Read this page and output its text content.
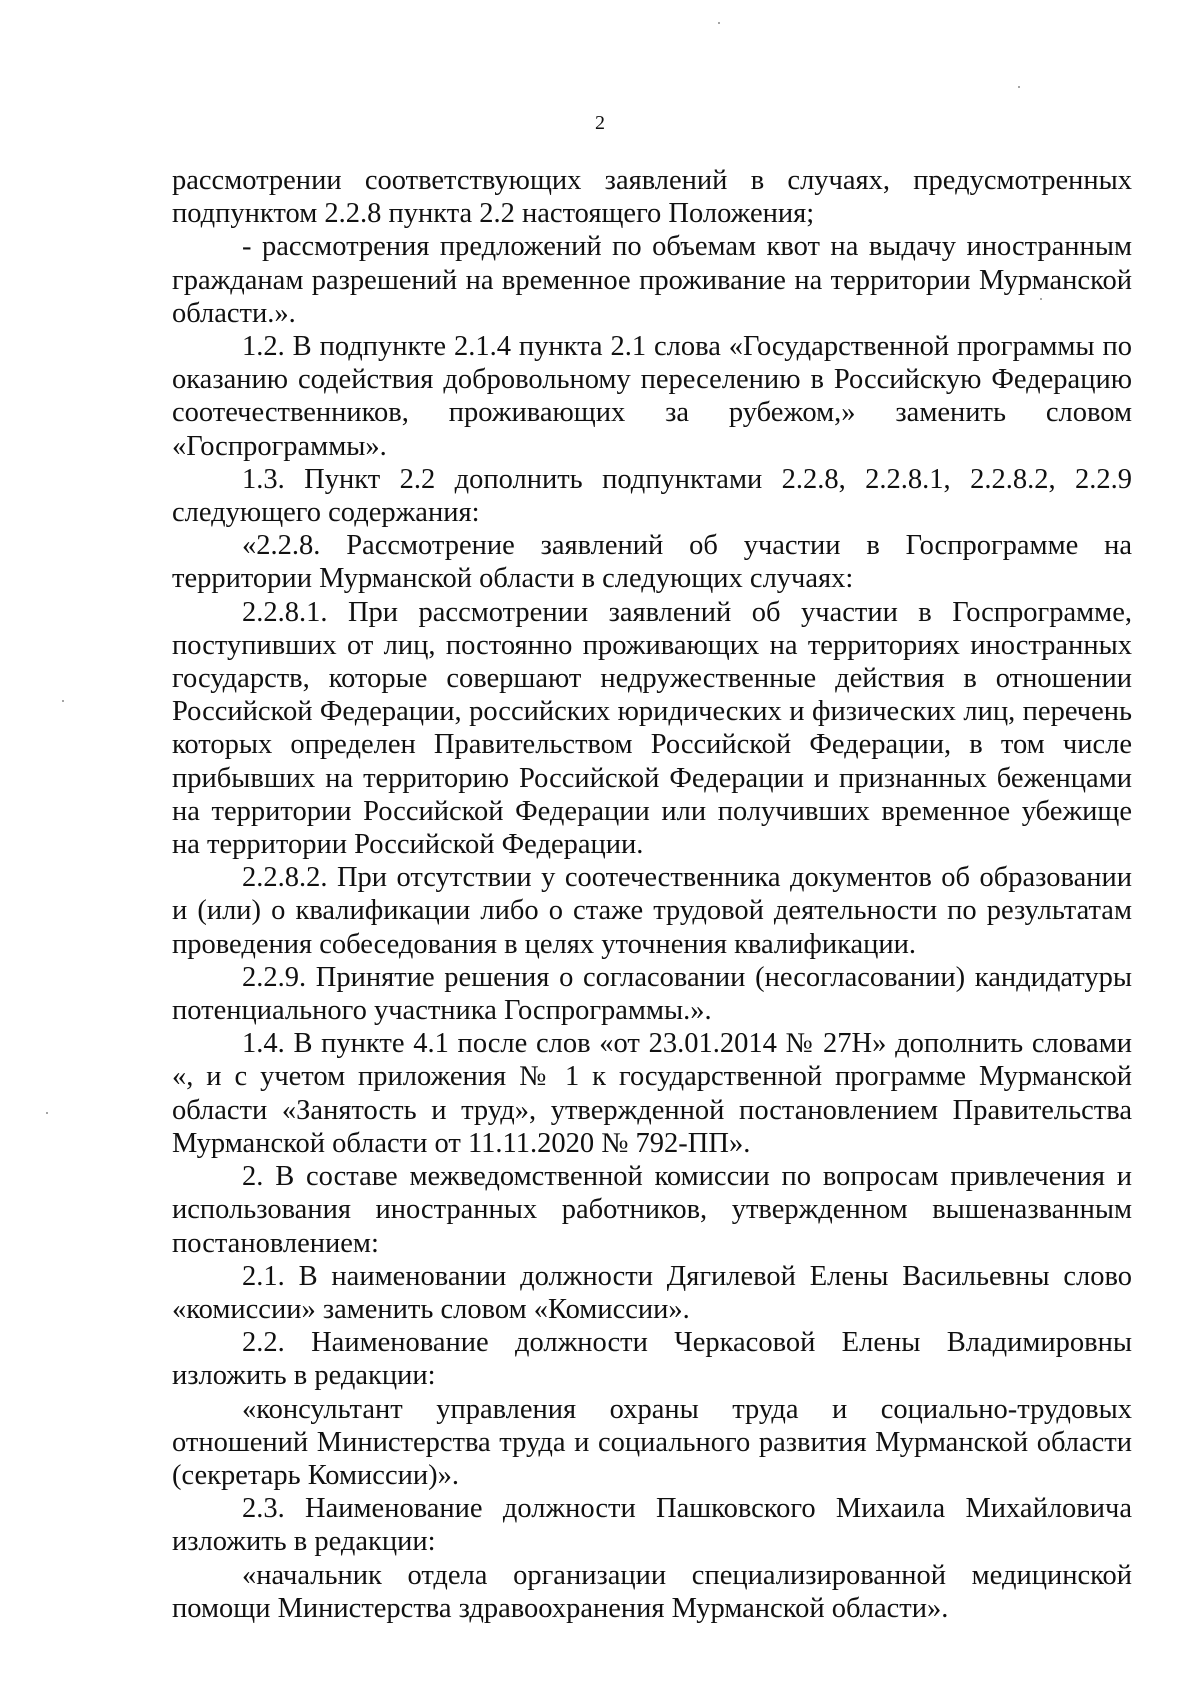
2

рассмотрении соответствующих заявлений в случаях, предусмотренных подпунктом 2.2.8 пункта 2.2 настоящего Положения;

- рассмотрения предложений по объемам квот на выдачу иностранным гражданам разрешений на временное проживание на территории Мурманской области.».

1.2. В подпункте 2.1.4 пункта 2.1 слова «Государственной программы по оказанию содействия добровольному переселению в Российскую Федерацию соотечественников, проживающих за рубежом,» заменить словом «Госпрограммы».

1.3. Пункт 2.2 дополнить подпунктами 2.2.8, 2.2.8.1, 2.2.8.2, 2.2.9 следующего содержания:

«2.2.8. Рассмотрение заявлений об участии в Госпрограмме на территории Мурманской области в следующих случаях:

2.2.8.1. При рассмотрении заявлений об участии в Госпрограмме, поступивших от лиц, постоянно проживающих на территориях иностранных государств, которые совершают недружественные действия в отношении Российской Федерации, российских юридических и физических лиц, перечень которых определен Правительством Российской Федерации, в том числе прибывших на территорию Российской Федерации и признанных беженцами на территории Российской Федерации или получивших временное убежище на территории Российской Федерации.

2.2.8.2. При отсутствии у соотечественника документов об образовании и (или) о квалификации либо о стаже трудовой деятельности по результатам проведения собеседования в целях уточнения квалификации.

2.2.9. Принятие решения о согласовании (несогласовании) кандидатуры потенциального участника Госпрограммы.».

1.4. В пункте 4.1 после слов «от 23.01.2014 № 27Н» дополнить словами «, и с учетом приложения № 1 к государственной программе Мурманской области «Занятость и труд», утвержденной постановлением Правительства Мурманской области от 11.11.2020 № 792-ПП».

2. В составе межведомственной комиссии по вопросам привлечения и использования иностранных работников, утвержденном вышеназванным постановлением:

2.1. В наименовании должности Дягилевой Елены Васильевны слово «комиссии» заменить словом «Комиссии».

2.2. Наименование должности Черкасовой Елены Владимировны изложить в редакции:

«консультант управления охраны труда и социально-трудовых отношений Министерства труда и социального развития Мурманской области (секретарь Комиссии)».

2.3. Наименование должности Пашковского Михаила Михайловича изложить в редакции:

«начальник отдела организации специализированной медицинской помощи Министерства здравоохранения Мурманской области».
